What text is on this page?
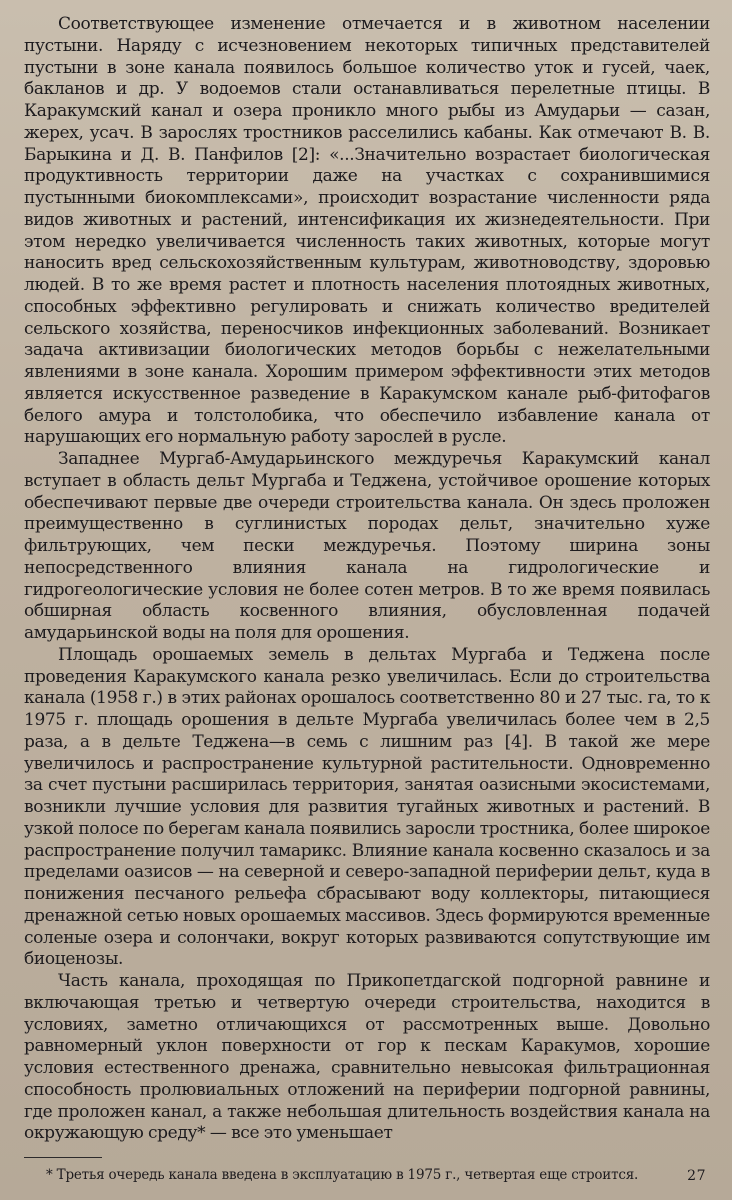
Соответствующее изменение отмечается и в животном населении пустыни. Наряду с исчезновением некоторых типичных представителей пустыни в зоне канала появилось большое количество уток и гусей, чаек, бакланов и др. У водоемов стали останавливаться перелетные птицы. В Каракумский канал и озера проникло много рыбы из Амударьи — сазан, жерех, усач. В зарослях тростников расселились кабаны. Как отмечают В. В. Барыкина и Д. В. Панфилов [2]: «...Значительно возрастает биологическая продуктивность территории даже на участках с сохранившимися пустынными биокомплексами», происходит возрастание численности ряда видов животных и растений, интенсификация их жизнедеятельности. При этом нередко увеличивается численность таких животных, которые могут наносить вред сельскохозяйственным культурам, животноводству, здоровью людей. В то же время растет и плотность населения плотоядных животных, способных эффективно регулировать и снижать количество вредителей сельского хозяйства, переносчиков инфекционных заболеваний. Возникает задача активизации биологических методов борьбы с нежелательными явлениями в зоне канала. Хорошим примером эффективности этих методов является искусственное разведение в Каракумском канале рыб-фитофагов белого амура и толстолобика, что обеспечило избавление канала от нарушающих его нормальную работу зарослей в русле.

Западнее Мургаб-Амударьинского междуречья Каракумский канал вступает в область дельт Мургаба и Теджена, устойчивое орошение которых обеспечивают первые две очереди строительства канала. Он здесь проложен преимущественно в суглинистых породах дельт, значительно хуже фильтрующих, чем пески междуречья. Поэтому ширина зоны непосредственного влияния канала на гидрологические и гидрогеологические условия не более сотен метров. В то же время появилась обширная область косвенного влияния, обусловленная подачей амударьинской воды на поля для орошения.

Площадь орошаемых земель в дельтах Мургаба и Теджена после проведения Каракумского канала резко увеличилась. Если до строительства канала (1958 г.) в этих районах орошалось соответственно 80 и 27 тыс. га, то к 1975 г. площадь орошения в дельте Мургаба увеличилась более чем в 2,5 раза, а в дельте Теджена—в семь с лишним раз [4]. В такой же мере увеличилось и распространение культурной растительности. Одновременно за счет пустыни расширилась территория, занятая оазисными экосистемами, возникли лучшие условия для развития тугайных животных и растений. В узкой полосе по берегам канала появились заросли тростника, более широкое распространение получил тамарикс. Влияние канала косвенно сказалось и за пределами оазисов — на северной и северо-западной периферии дельт, куда в понижения песчаного рельефа сбрасывают воду коллекторы, питающиеся дренажной сетью новых орошаемых массивов. Здесь формируются временные соленые озера и солончаки, вокруг которых развиваются сопутствующие им биоценозы.

Часть канала, проходящая по Прикопетдагской подгорной равнине и включающая третью и четвертую очереди строительства, находится в условиях, заметно отличающихся от рассмотренных выше. Довольно равномерный уклон поверхности от гор к пескам Каракумов, хорошие условия естественного дренажа, сравнительно невысокая фильтрационная способность пролювиальных отложений на периферии подгорной равнины, где проложен канал, а также небольшая длительность воздействия канала на окружающую среду* — все это уменьшает

* Третья очередь канала введена в эксплуатацию в 1975 г., четвертая еще строится.	27
